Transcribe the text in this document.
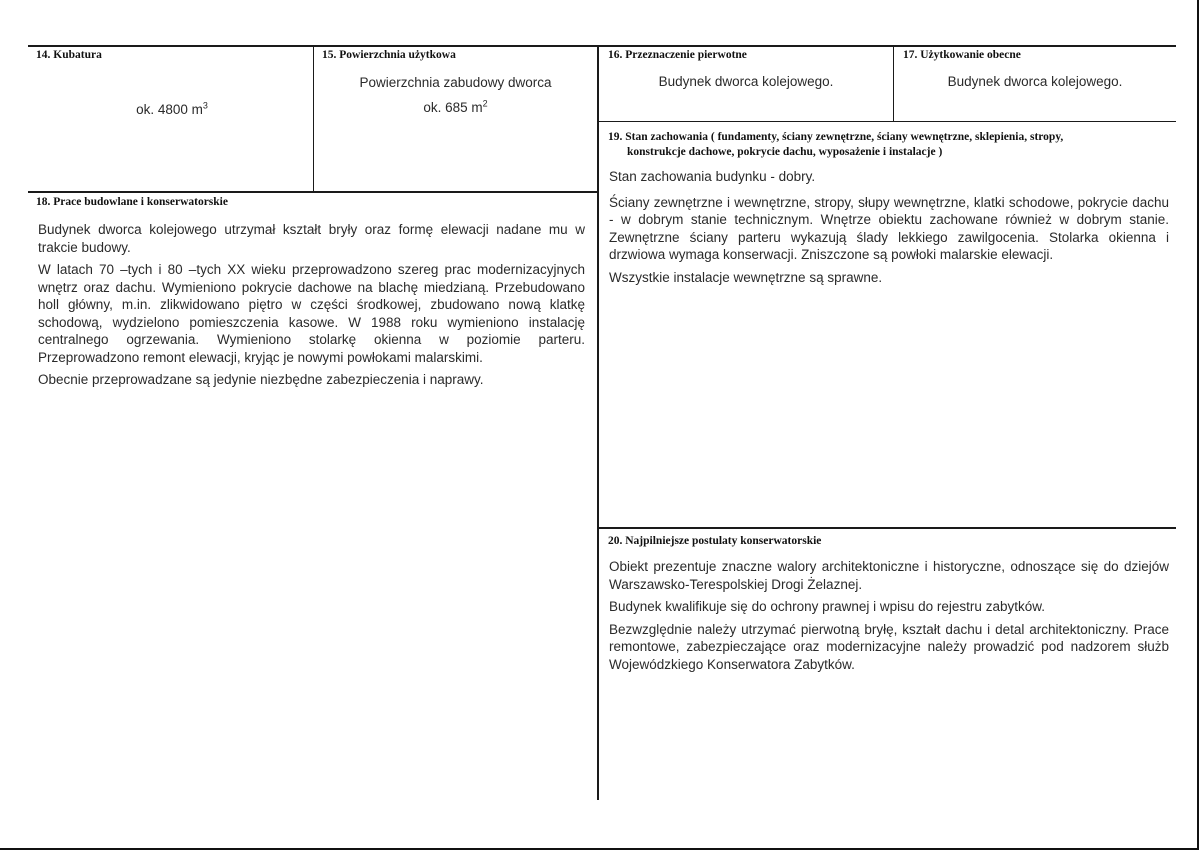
14. Kubatura
ok. 4800 $m^3$
15. Powierzchnia użytkowa
Powierzchnia zabudowy dworca
ok. 685 $m^2$
16. Przeznaczenie pierwotne
Budynek dworca kolejowego.
17. Użytkowanie obecne
Budynek dworca kolejowego.
19. Stan zachowania ( fundamenty, ściany zewnętrzne, ściany wewnętrzne, sklepienia, stropy,
konstrukcje dachowe, pokrycie dachu, wyposażenie i instalacje )

Stan zachowania budynku - dobry.

Ściany zewnętrzne i wewnętrzne, stropy, słupy wewnętrzne, klatki schodowe, pokrycie dachu - w dobrym stanie technicznym. Wnętrze obiektu zachowane również w dobrym stanie. Zewnętrzne ściany parteru wykazują ślady lekkiego zawilgocenia. Stolarka okienna i drzwiowa wymaga konserwacji. Zniszczone są powłoki malarskie elewacji.

Wszystkie instalacje wewnętrzne są sprawne.

18. Prace budowlane i konserwatorskie

Budynek dworca kolejowego utrzymał kształt bryły oraz formę elewacji nadane mu w trakcie budowy.

W latach 70 –tych i 80 –tych XX wieku przeprowadzono szereg prac modernizacyjnych wnętrz oraz dachu. Wymieniono pokrycie dachowe na blachę miedzianą. Przebudowano holl główny, m.in. zlikwidowano piętro w części środkowej, zbudowano nową klatkę schodową, wydzielono pomieszczenia kasowe. W 1988 roku wymieniono instalację centralnego ogrzewania. Wymieniono stolarkę okienna w poziomie parteru. Przeprowadzono remont elewacji, kryjąc je nowymi powłokami malarskimi.

Obecnie przeprowadzane są jedynie niezbędne zabezpieczenia i naprawy.

20. Najpilniejsze postulaty konserwatorskie

Obiekt prezentuje znaczne walory architektoniczne i historyczne, odnoszące się do dziejów Warszawsko-Terespolskiej Drogi Żelaznej.

Budynek kwalifikuje się do ochrony prawnej i wpisu do rejestru zabytków.

Bezwzględnie należy utrzymać pierwotną bryłę, kształt dachu i detal architektoniczny. Prace remontowe, zabezpieczające oraz modernizacyjne należy prowadzić pod nadzorem służb Wojewódzkiego Konserwatora Zabytków.
